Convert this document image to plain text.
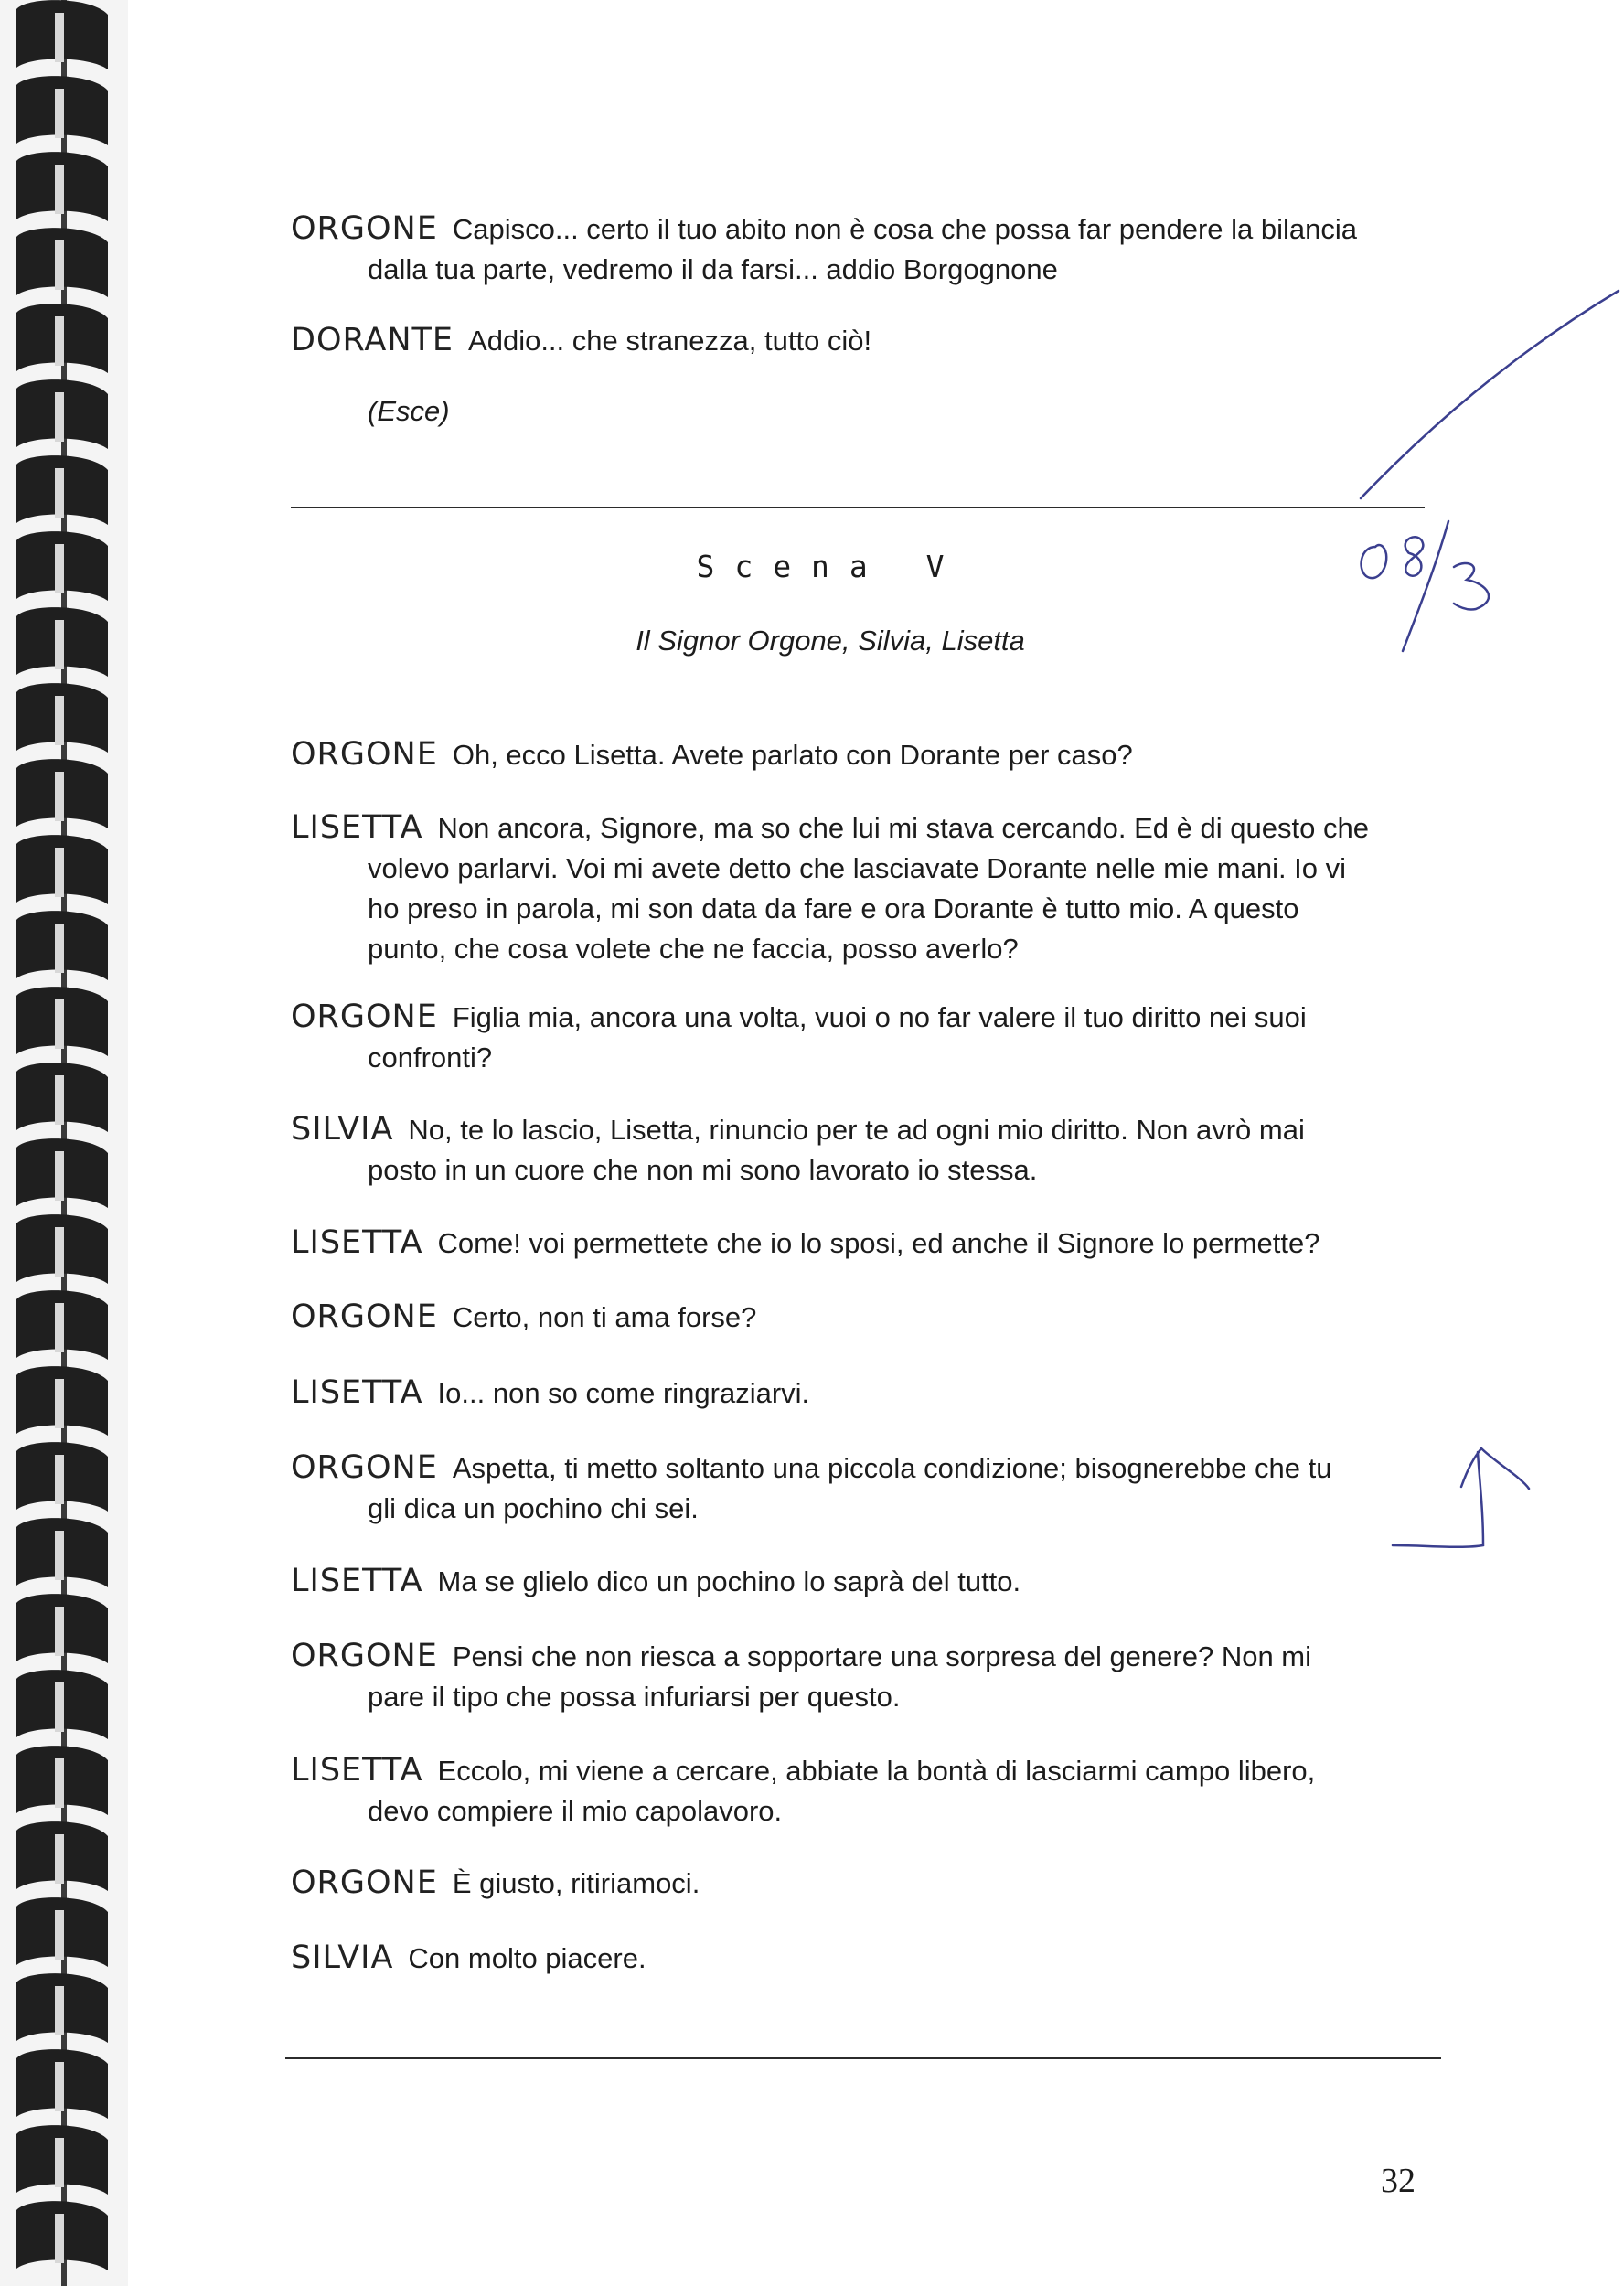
ORGONE Capisco... certo il tuo abito non è cosa che possa far pendere la bilancia
dalla tua parte, vedremo il da farsi... addio Borgognone
DORANTE Addio... che stranezza, tutto ciò!
(Esce)
Scena V
Il Signor Orgone, Silvia, Lisetta
ORGONE Oh, ecco Lisetta. Avete parlato con Dorante per caso?
LISETTA Non ancora, Signore, ma so che lui mi stava cercando. Ed è di questo che
volevo parlarvi. Voi mi avete detto che lasciavate Dorante nelle mie mani. Io vi
ho preso in parola, mi son data da fare e ora Dorante è tutto mio. A questo
punto, che cosa volete che ne faccia, posso averlo?
ORGONE Figlia mia, ancora una volta, vuoi o no far valere il tuo diritto nei suoi
confronti?
SILVIA No, te lo lascio, Lisetta, rinuncio per te ad ogni mio diritto. Non avrò mai
posto in un cuore che non mi sono lavorato io stessa.
LISETTA Come! voi permettete che io lo sposi, ed anche il Signore lo permette?
ORGONE Certo, non ti ama forse?
LISETTA Io... non so come ringraziarvi.
ORGONE Aspetta, ti metto soltanto una piccola condizione; bisognerebbe che tu
gli dica un pochino chi sei.
LISETTA Ma se glielo dico un pochino lo saprà del tutto.
ORGONE Pensi che non riesca a sopportare una sorpresa del genere? Non mi
pare il tipo che possa infuriarsi per questo.
LISETTA Eccolo, mi viene a cercare, abbiate la bontà di lasciarmi campo libero,
devo compiere il mio capolavoro.
ORGONE È giusto, ritiriamoci.
SILVIA Con molto piacere.
32
